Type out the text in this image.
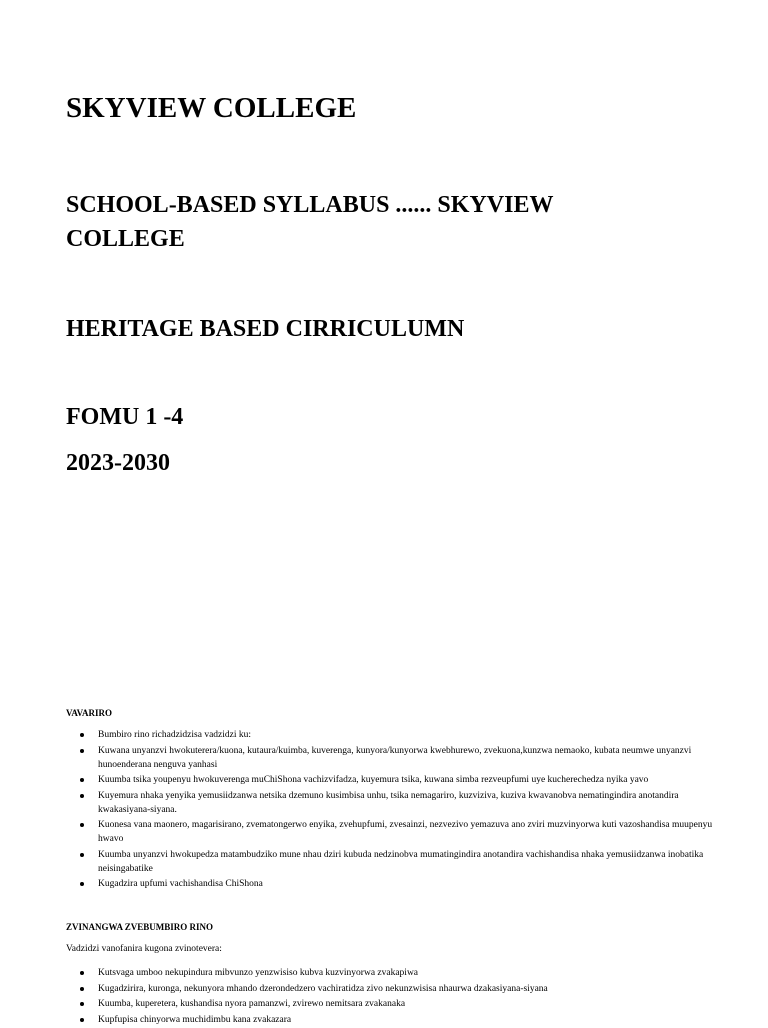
SKYVIEW COLLEGE
SCHOOL-BASED SYLLABUS ...... SKYVIEW COLLEGE
HERITAGE BASED CIRRICULUMN
FOMU 1 -4
2023-2030
VAVARIRO
Bumbiro rino richadzidzisa vadzidzi ku:
Kuwana unyanzvi hwokuterera/kuona, kutaura/kuimba, kuverenga, kunyora/kunyorwa kwebhurewo, zvekuona,kunzwa nemaoko, kubata neumwe unyanzvi hunoenderana nenguva yanhasi
Kuumba tsika youpenyu hwokuverenga muChiShona vachizvifadza, kuyemura tsika, kuwana simba rezveupfumi uye kucherechedza nyika yavo
Kuyemura nhaka yenyika yemusiidzanwa netsika dzemuno kusimbisa unhu, tsika nemagariro, kuzviziva, kuziva kwavanobva nematingindira anotandira kwakasiyana-siyana.
Kuonesa vana maonero, magarisirano, zvematongerwo enyika, zvehupfumi, zvesainzi, nezvezivo yemazuva ano zviri muzvinyorwa kuti vazoshandisa muupenyu hwavo
Kuumba unyanzvi hwokupedza matambudziko mune nhau dziri kubuda nedzinobva mumatingindira anotandira vachishandisa nhaka yemusiidzanwa inobatika neisingabatike
Kugadzira upfumi vachishandisa ChiShona
ZVINANGWA ZVEBUMBIRO RINO

Vadzidzi vanofanira kugona zvinotevera:

Kutsvaga umboo nekupindura mibvunzo yenzwisiso kubva kuzvinyorwa zvakapiwa
Kugadzirira, kuronga, nekunyora mhando dzerondedzero vachiratidza zivo nekunzwisisa nhaurwa dzakasiyana-siyana
Kuumba, kuperetera, kushandisa nyora pamanzwi, zvirewo nemitsara zvakanaka
Kupfupisa chinyorwa muchidimbu kana zvakazara
